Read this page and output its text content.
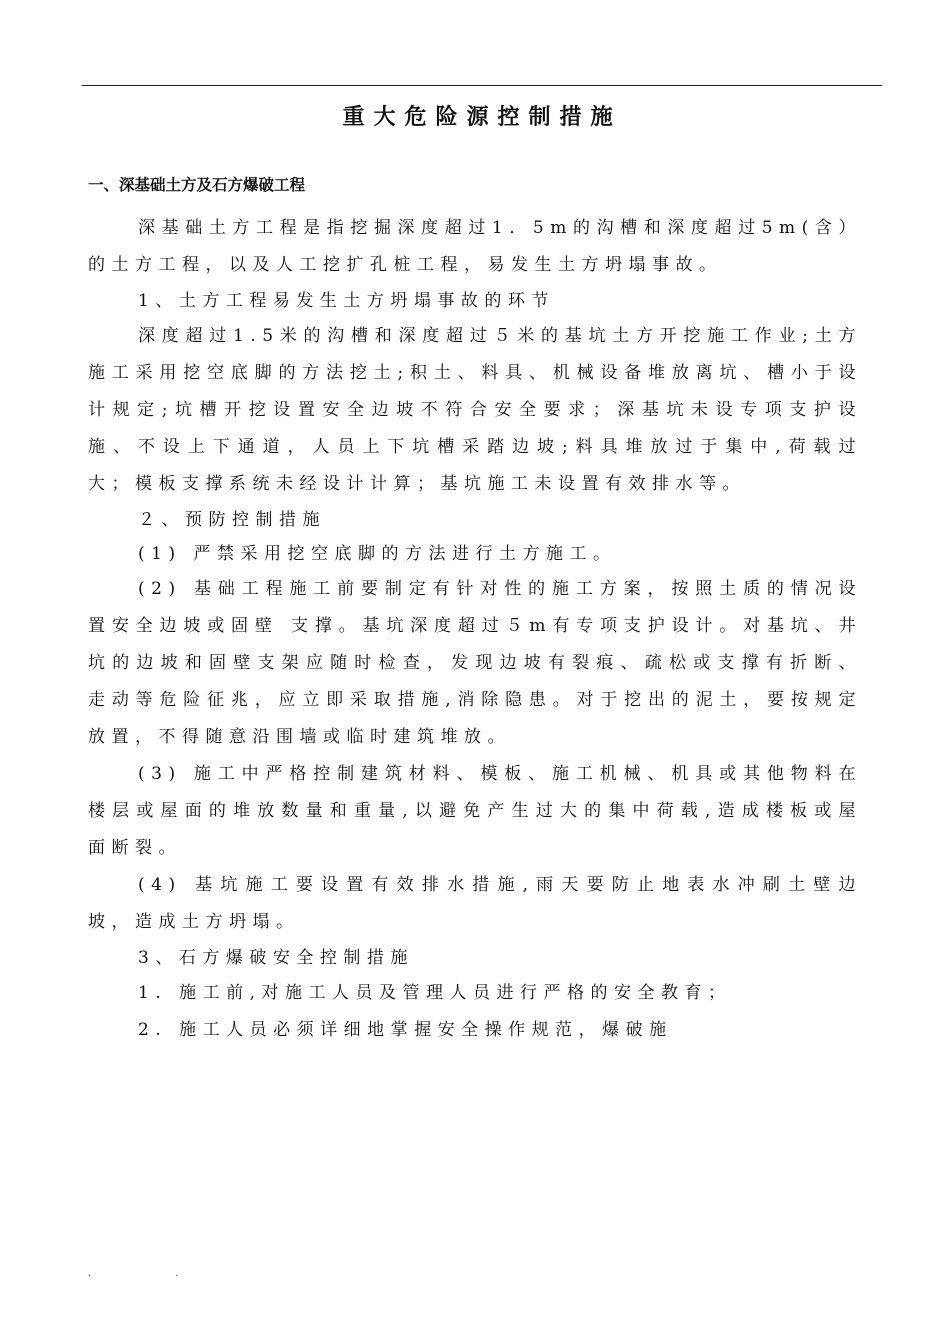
重大危险源控制措施
一、深基础土方及石方爆破工程

深基础土方工程是指挖掘深度超过1．5m的沟槽和深度超过5m(含）的土方工程，以及人工挖扩孔桩工程，易发生土方坍塌事故。

1、土方工程易发生土方坍塌事故的环节

深度超过1.5米的沟槽和深度超过５米的基坑土方开挖施工作业;土方施工采用挖空底脚的方法挖土;积土、料具、机械设备堆放离坑、槽小于设计规定;坑槽开挖设置安全边坡不符合安全要求；深基坑未设专项支护设施、不设上下通道，人员上下坑槽采踏边坡;料具堆放过于集中,荷载过大；模板支撑系统未经设计计算；基坑施工未设置有效排水等。

２、预防控制措施

(1) 严禁采用挖空底脚的方法进行土方施工。

(2) 基础工程施工前要制定有针对性的施工方案，按照土质的情况设置安全边坡或固壁 支撑。基坑深度超过５m有专项支护设计。对基坑、井坑的边坡和固壁支架应随时检查，发现边坡有裂痕、疏松或支撑有折断、走动等危险征兆，应立即采取措施,消除隐患。对于挖出的泥土，要按规定放置，不得随意沿围墙或临时建筑堆放。

(3) 施工中严格控制建筑材料、模板、施工机械、机具或其他物料在楼层或屋面的堆放数量和重量,以避免产生过大的集中荷载,造成楼板或屋面断裂。

(4) 基坑施工要设置有效排水措施,雨天要防止地表水冲刷土壁边坡，造成土方坍塌。

3、石方爆破安全控制措施

1. 施工前,对施工人员及管理人员进行严格的安全教育；

2. 施工人员必须详细地掌握安全操作规范，爆破施

..
